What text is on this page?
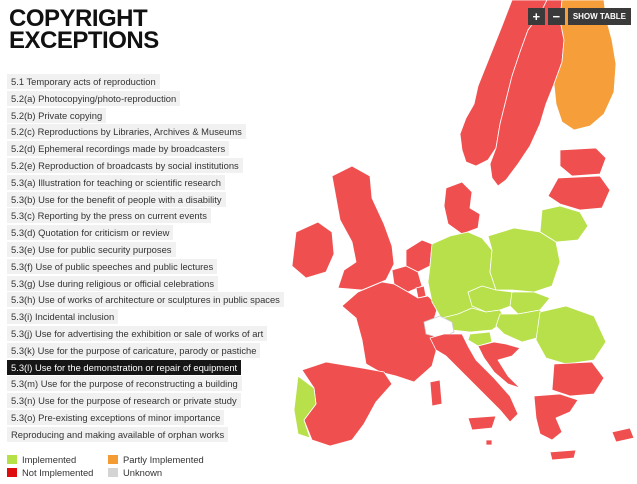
COPYRIGHT
EXCEPTIONS
+ −	SHOW TABLE
5.1 Temporary acts of reproduction
5.2(a) Photocopying/photo-reproduction
5.2(b) Private copying
5.2(c) Reproductions by Libraries, Archives & Museums
5.2(d) Ephemeral recordings made by broadcasters
5.2(e) Reproduction of broadcasts by social institutions
5.3(a) Illustration for teaching or scientific research
5.3(b) Use for the benefit of people with a disability
5.3(c) Reporting by the press on current events
5.3(d) Quotation for criticism or review
5.3(e) Use for public security purposes
5.3(f) Use of public speeches and public lectures
5.3(g) Use during religious or official celebrations
5.3(h) Use of works of architecture or sculptures in public spaces
5.3(i) Incidental inclusion
5.3(j) Use for advertising the exhibition or sale of works of art
5.3(k) Use for the purpose of caricature, parody or pastiche
5.3(l) Use for the demonstration or repair of equipment
5.3(m) Use for the purpose of reconstructing a building
5.3(n) Use for the purpose of research or private study
5.3(o) Pre-existing exceptions of minor importance
Reproducing and making available of orphan works
Implemented	Partly Implemented
Not Implemented	Unknown
